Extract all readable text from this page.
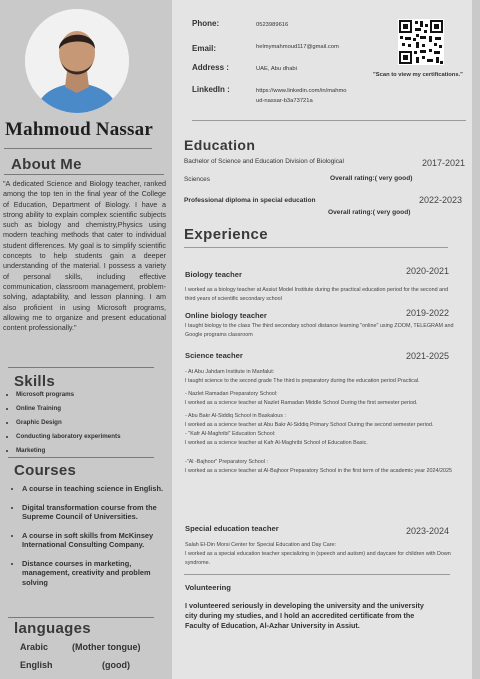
Mahmoud Nassar
About Me
"A dedicated Science and Biology teacher, ranked among the top ten in the final year of the College of Education, Department of Biology. I have a strong ability to explain complex scientific subjects such as biology and chemistry,Physics using modern teaching methods that cater to individual student differences. My goal is to simplify scientific concepts to help students gain a deeper understanding of the material. I possess a variety of personal skills, including effective communication, classroom management, problem-solving, adaptability, and lesson planning. I am also proficient in using Microsoft programs, allowing me to organize and present educational content professionally."
Skills
• Microsoft programs
• Online Training
• Graphic Design
• Conducting laboratory experiments
• Marketing
Courses
• A course in teaching science in English.
• Digital transformation course from the Supreme Council of Universities.
• A course in soft skills from McKinsey International Consulting Company.
• Distance courses in marketing, management, creativity and problem solving
languages
Arabic	(Mother tongue)
English	(good)
Phone:	0523989616
Email:	helmymahmoud117@gmail.com
Address :	UAE, Abu dhabi
LinkedIn :	https://www.linkedin.com/in/mahmo
ud-nassar-b3a73721a
"Scan to view my certifications."
Education
Bachelor of Science and Education Division of Biological	2017-2021
Sciences	Overall rating:( very good)
Professional diploma in special education	2022-2023
Overall rating:( very good)
Experience
Biology teacher	2020-2021
I worked as a biology teacher at Assiut Model Institute during the practical education period for the second and third years of scientific secondary school
Online biology teacher	2019-2022
I taught biology to the class The third secondary school distance learning "online" using ZOOM, TELEGRAM and Google programs classroom
Science teacher	2021-2025
- At Abu Jahdam Institute in Manfalut:
I taught science to the second grade The third is preparatory during the education period Practical.
- Nazlet Ramadan Preparatory School:
I worked as a science teacher at Nazlet Ramadan Middle School During the first semester period.
- Abu Bakr Al-Siddiq School in Baskalous :
I worked as a science teacher at Abu Bakr Al-Siddiq Primary School During the second semester period.
- "Kafr Al-Maghribi" Education School:
I worked as a science teacher at Kafr Al-Maghribi School of Education Basic.
-"Al -Bajhoor" Preparatory School :
I worked as a science teacher at Al-Bajhoor Preparatory School in the first term of the academic year 2024/2025
Special education teacher	2023-2024
Salah El-Din Morsi Center for Special Education and Day Care:
I worked as a special education teacher specializing in (speech and autism) and daycare for children with Down syndrome.
Volunteering
I volunteered seriously in developing the university and the university city during my studies, and I hold an accredited certificate from the Faculty of Education, Al-Azhar University in Assiut.
